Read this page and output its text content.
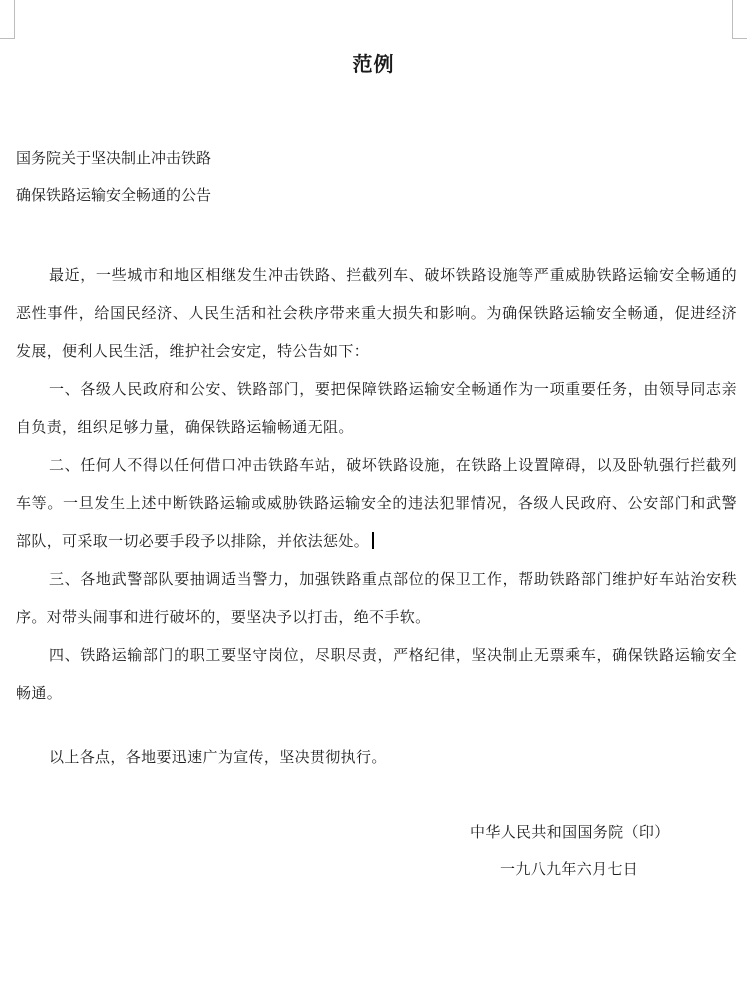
范例
国务院关于坚决制止冲击铁路
确保铁路运输安全畅通的公告

最近，一些城市和地区相继发生冲击铁路、拦截列车、破坏铁路设施等严重威胁铁路运输安全畅通的恶性事件，给国民经济、人民生活和社会秩序带来重大损失和影响。为确保铁路运输安全畅通，促进经济发展，便利人民生活，维护社会安定，特公告如下：

一、各级人民政府和公安、铁路部门，要把保障铁路运输安全畅通作为一项重要任务，由领导同志亲自负责，组织足够力量，确保铁路运输畅通无阻。

二、任何人不得以任何借口冲击铁路车站，破坏铁路设施，在铁路上设置障碍，以及卧轨强行拦截列车等。一旦发生上述中断铁路运输或威胁铁路运输安全的违法犯罪情况，各级人民政府、公安部门和武警部队，可采取一切必要手段予以排除，并依法惩处。

三、各地武警部队要抽调适当警力，加强铁路重点部位的保卫工作，帮助铁路部门维护好车站治安秩序。对带头闹事和进行破坏的，要坚决予以打击，绝不手软。

四、铁路运输部门的职工要坚守岗位，尽职尽责，严格纪律，坚决制止无票乘车，确保铁路运输安全畅通。

以上各点，各地要迅速广为宣传，坚决贯彻执行。
中华人民共和国国务院（印）
一九八九年六月七日
